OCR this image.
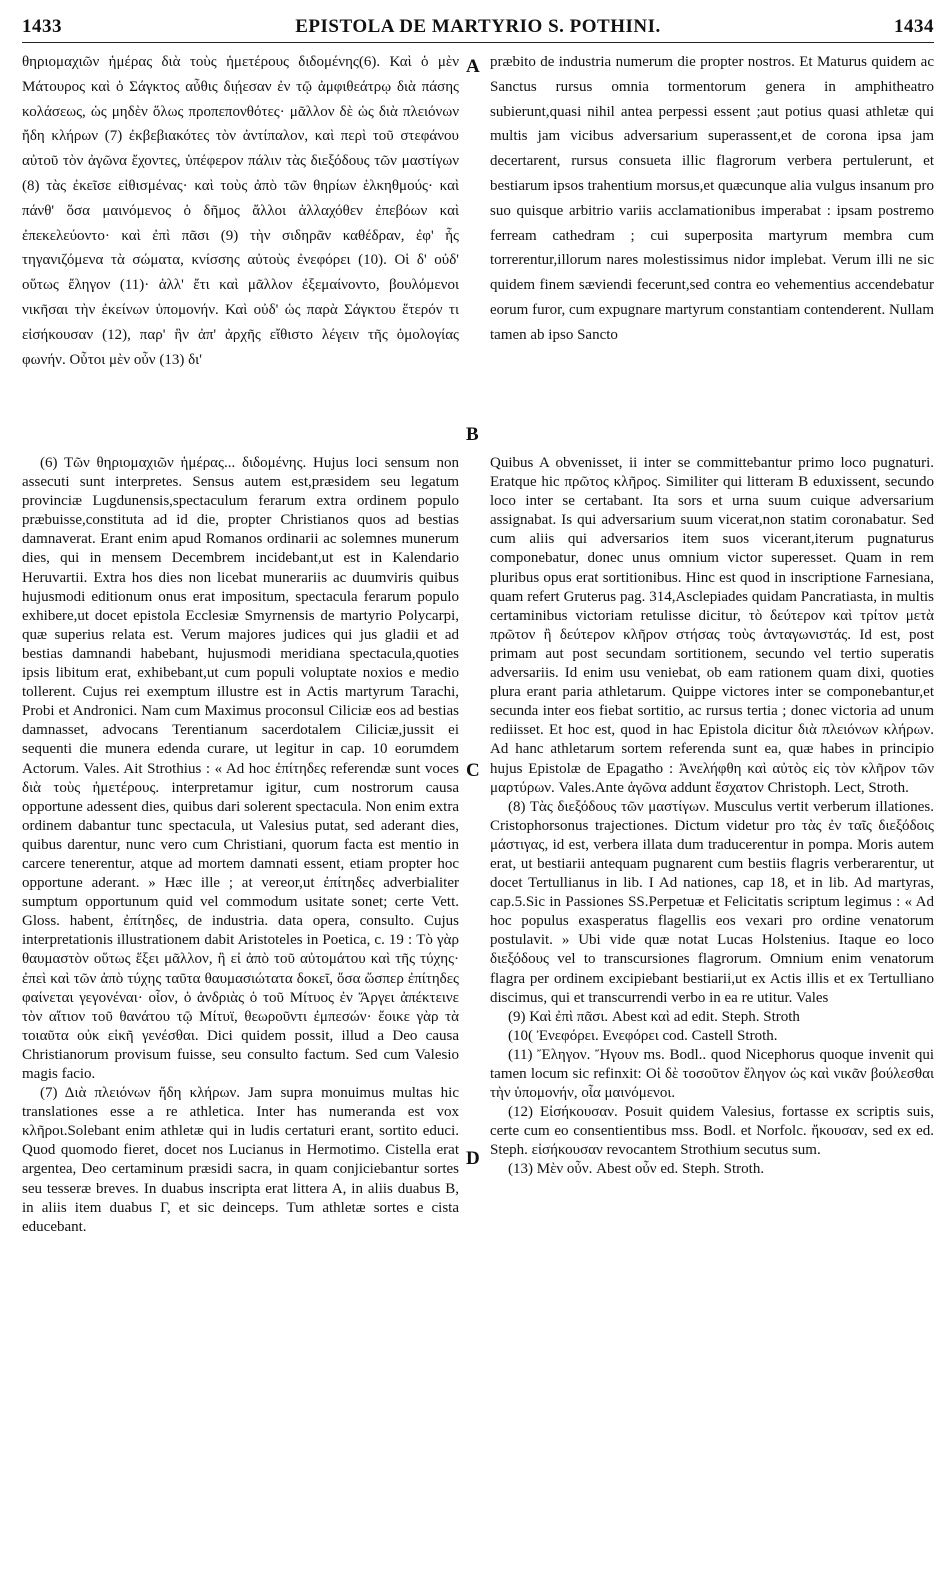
1433	EPISTOLA DE MARTYRIO S. POTHINI.	1434

θηριομαχιῶν ἡμέρας διὰ τοὺς ἡμετέρους διδομένης(6). Καὶ ὁ μὲν Μάτουρος καὶ ὁ Σάγκτος αὖθις διῄεσαν ἐν τῷ ἀμφιθεάτρῳ διὰ πάσης κολάσεως, ὡς μηδὲν ὅλως προπεπονθότες· μᾶλλον δὲ ὡς διὰ πλειόνων ἤδη κλήρων (7) ἐκβεβιακότες τὸν ἀντίπαλον, καὶ περὶ τοῦ στεφάνου αὐτοῦ τὸν ἀγῶνα ἔχοντες, ὑπέφερον πάλιν τὰς διεξόδους τῶν μαστίγων (8) τὰς ἐκεῖσε εἰθισμένας· καὶ τοὺς ἀπὸ τῶν θηρίων ἑλκηθμούς· καὶ πάνθ' ὅσα μαινόμενος ὁ δῆμος ἄλλοι ἀλλαχόθεν ἐπεβόων καὶ ἐπεκελεύοντο· καὶ ἐπὶ πᾶσι (9) τὴν σιδηρᾶν καθέδραν, ἐφ' ἧς τηγανιζόμενα τὰ σώματα, κνίσσης αὐτοὺς ἐνεφόρει (10). Οἱ δ' οὐδ' οὕτως ἔληγον (11)· ἀλλ' ἔτι καὶ μᾶλλον ἐξεμαίνοντο, βουλόμενοι νικῆσαι τὴν ἐκείνων ὑπομονήν. Καὶ οὐδ' ὡς παρὰ Σάγκτου ἕτερόν τι εἰσήκουσαν (12), παρ' ἣν ἀπ' ἀρχῆς εἴθιστο λέγειν τῆς ὁμολογίας φωνήν. Οὗτοι μὲν οὖν (13) δι'

præbito de industria numerum die propter nostros. Et Maturus quidem ac Sanctus rursus omnia tormentorum genera in amphitheatro subierunt,quasi nihil antea perpessi essent ;aut potius quasi athletæ qui multis jam vicibus adversarium superassent,et de corona ipsa jam decertarent, rursus consueta illic flagrorum verbera pertulerunt, et bestiarum ipsos trahentium morsus,et quæcunque alia vulgus insanum pro suo quisque arbitrio variis acclamationibus imperabat : ipsam postremo ferream cathedram ; cui superposita martyrum membra cum torrerentur,illorum nares molestissimus nidor implebat. Verum illi ne sic quidem finem sæviendi fecerunt,sed contra eo vehementius accendebatur eorum furor, cum expugnare martyrum constantiam contenderent. Nullam tamen ab ipso Sancto

A
B
C
D

(6) Τῶν θηριομαχιῶν ἡμέρας... διδομένης. Hujus loci sensum non assecuti sunt interpretes. Sensus autem est,præsidem seu legatum provinciæ Lugdunensis,spectaculum ferarum extra ordinem populo præbuisse,constituta ad id die, propter Christianos quos ad bestias damnaverat. Erant enim apud Romanos ordinarii ac solemnes munerum dies, qui in mensem Decembrem incidebant,ut est in Kalendario Heruvartii. Extra hos dies non licebat munerariis ac duumviris quibus hujusmodi editionum onus erat impositum, spectacula ferarum populo exhibere,ut docet epistola Ecclesiæ Smyrnensis de martyrio Polycarpi, quæ superius relata est. Verum majores judices qui jus gladii et ad bestias damnandi habebant, hujusmodi meridiana spectacula,quoties ipsis libitum erat, exhibebant,ut cum populi voluptate noxios e medio tollerent. Cujus rei exemptum illustre est in Actis martyrum Tarachi, Probi et Andronici. Nam cum Maximus proconsul Ciliciæ eos ad bestias damnasset, advocans Terentianum sacerdotalem Ciliciæ,jussit ei sequenti die munera edenda curare, ut legitur in cap. 10 eorumdem Actorum. Vales. Ait Strothius : « Ad hoc ἐπίτηδες referendæ sunt voces διὰ τοὺς ἡμετέρους. interpretamur igitur, cum nostrorum causa opportune adessent dies, quibus dari solerent spectacula. Non enim extra ordinem dabantur tunc spectacula, ut Valesius putat, sed aderant dies, quibus darentur, nunc vero cum Christiani, quorum facta est mentio in carcere tenerentur, atque ad mortem damnati essent, etiam propter hoc opportune aderant. » Hæc ille ; at vereor,ut ἐπίτηδες adverbialiter sumptum opportunum quid vel commodum usitate sonet; certe Vett. Gloss. habent, ἐπίτηδες, de industria. data opera, consulto. Cujus interpretationis illustrationem dabit Aristoteles in Poetica, c. 19 : Τὸ γὰρ θαυμαστὸν οὕτως ἕξει μᾶλλον, ἢ εἰ ἀπὸ τοῦ αὐτομάτου καὶ τῆς τύχης· ἐπεὶ καὶ τῶν ἀπὸ τύχης ταῦτα θαυμασιώτατα δοκεῖ, ὅσα ὥσπερ ἐπίτηδες φαίνεται γεγονέναι· οἷον, ὁ ἀνδριὰς ὁ τοῦ Μίτυος ἐν Ἄργει ἀπέκτεινε τὸν αἴτιον τοῦ θανάτου τῷ Μίτυϊ, θεωροῦντι ἐμπεσών· ἔοικε γὰρ τὰ τοιαῦτα οὐκ εἰκῆ γενέσθαι. Dici quidem possit, illud a Deo causa Christianorum provisum fuisse, seu consulto factum. Sed cum Valesio magis facio.

(7) Διὰ πλειόνων ἤδη κλήρων. Jam supra monuimus multas hic translationes esse a re athletica. Inter has numeranda est vox κλῆροι.Solebant enim athletæ qui in ludis certaturi erant, sortito educi. Quod quomodo fieret, docet nos Lucianus in Hermotimo. Cistella erat argentea, Deo certaminum præsidi sacra, in quam conjiciebantur sortes seu tesseræ breves. In duabus inscripta erat littera A, in aliis duabus B, in aliis item duabus Γ, et sic deinceps. Tum athletæ sortes e cista educebant.

Quibus A obvenisset, ii inter se committebantur primo loco pugnaturi. Eratque hic πρῶτος κλῆρος. Similiter qui litteram B eduxissent, secundo loco inter se certabant. Ita sors et urna suum cuique adversarium assignabat. Is qui adversarium suum vicerat,non statim coronabatur. Sed cum aliis qui adversarios item suos vicerant,iterum pugnaturus componebatur, donec unus omnium victor superesset. Quam in rem pluribus opus erat sortitionibus. Hinc est quod in inscriptione Farnesiana, quam refert Gruterus pag. 314,Asclepiades quidam Pancratiasta, in multis certaminibus victoriam retulisse dicitur, τὸ δεύτερον καὶ τρίτον μετὰ πρῶτον ἢ δεύτερον κλῆρον στήσας τοὺς ἀνταγωνιστάς. Id est, post primam aut post secundam sortitionem, secundo vel tertio superatis adversariis. Id enim usu veniebat, ob eam rationem quam dixi, quoties plura erant paria athletarum. Quippe victores inter se componebantur,et secunda inter eos fiebat sortitio, ac rursus tertia ; donec victoria ad unum rediisset. Et hoc est, quod in hac Epistola dicitur διὰ πλειόνων κλήρων. Ad hanc athletarum sortem referenda sunt ea, quæ habes in principio hujus Epistolæ de Epagatho : Ἀνελήφθη καὶ αὐτὸς εἰς τὸν κλῆρον τῶν μαρτύρων. Vales.Ante ἀγῶνα addunt ἔσχατον Christoph. Lect, Stroth.

(8) Τὰς διεξόδους τῶν μαστίγων. Musculus vertit verberum illationes. Cristophorsonus trajectiones. Dictum videtur pro τὰς ἐν ταῖς διεξόδοις μάστιγας, id est, verbera illata dum traducerentur in pompa. Moris autem erat, ut bestiarii antequam pugnarent cum bestiis flagris verberarentur, ut docet Tertullianus in lib. I Ad nationes, cap 18, et in lib. Ad martyras, cap.5.Sic in Passiones SS.Perpetuæ et Felicitatis scriptum legimus : « Ad hoc populus exasperatus flagellis eos vexari pro ordine venatorum postulavit. » Ubi vide quæ notat Lucas Holstenius. Itaque eo loco διεξόδους vel to transcursiones flagrorum. Omnium enim venatorum flagra per ordinem excipiebant bestiarii,ut ex Actis illis et ex Tertulliano discimus, qui et transcurrendi verbo in ea re utitur. Vales

(9) Καὶ ἐπὶ πᾶσι. Abest καὶ ad edit. Steph. Stroth

(10( Ἐνεφόρει. Ενεφόρει cod. Castell Stroth.

(11) Ἔληγον. Ἤγουν ms. Bodl.. quod Nicephorus quoque invenit qui tamen locum sic refinxit: Οἱ δὲ τοσοῦτον ἔληγον ὡς καὶ νικᾶν βούλεσθαι τὴν ὑπομονήν, οἷα μαινόμενοι.

(12) Εἰσήκουσαν. Posuit quidem Valesius, fortasse ex scriptis suis, certe cum eo consentientibus mss. Bodl. et Norfolc. ἤκουσαν, sed ex ed. Steph. εἰσήκουσαν revocantem Strothium secutus sum.

(13) Μὲν οὖν. Abest οὖν ed. Steph. Stroth.
